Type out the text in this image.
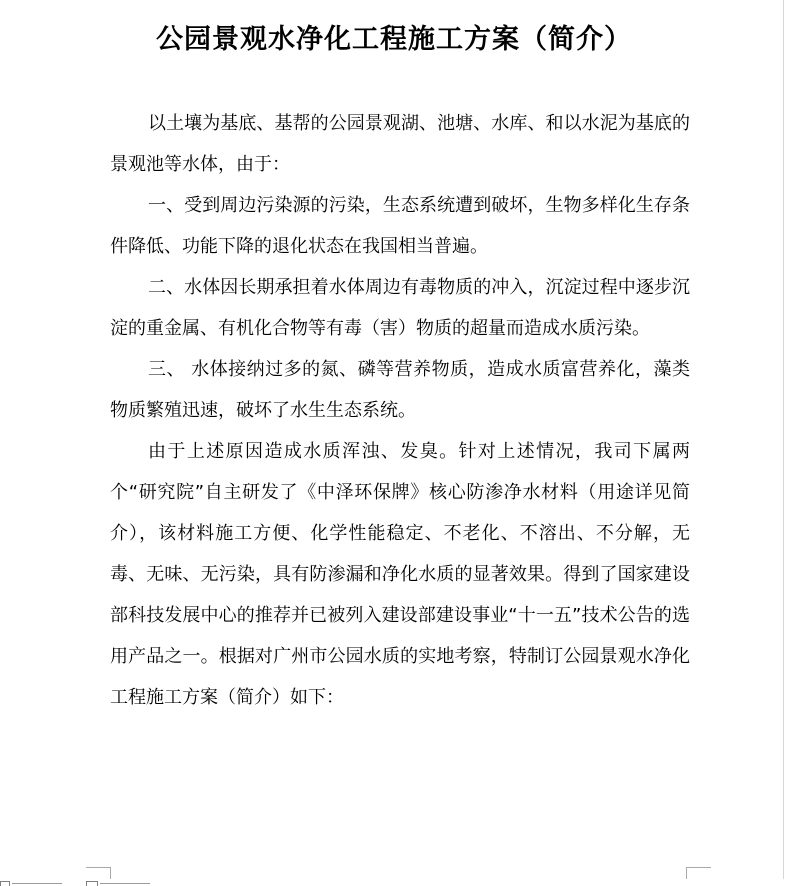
公园景观水净化工程施工方案（简介）

以土壤为基底、基帮的公园景观湖、池塘、水库、和以水泥为基底的景观池等水体，由于：

一、受到周边污染源的污染，生态系统遭到破坏，生物多样化生存条件降低、功能下降的退化状态在我国相当普遍。

二、水体因长期承担着水体周边有毒物质的冲入，沉淀过程中逐步沉淀的重金属、有机化合物等有毒（害）物质的超量而造成水质污染。

三、 水体接纳过多的氮、磷等营养物质，造成水质富营养化，藻类物质繁殖迅速，破坏了水生生态系统。

由于上述原因造成水质浑浊、发臭。针对上述情况，我司下属两个“研究院”自主研发了《中泽环保牌》核心防渗净水材料（用途详见简介），该材料施工方便、化学性能稳定、不老化、不溶出、不分解，无毒、无味、无污染，具有防渗漏和净化水质的显著效果。得到了国家建设部科技发展中心的推荐并已被列入建设部建设事业“十一五”技术公告的选用产品之一。根据对广州市公园水质的实地考察，特制订公园景观水净化工程施工方案（简介）如下：
